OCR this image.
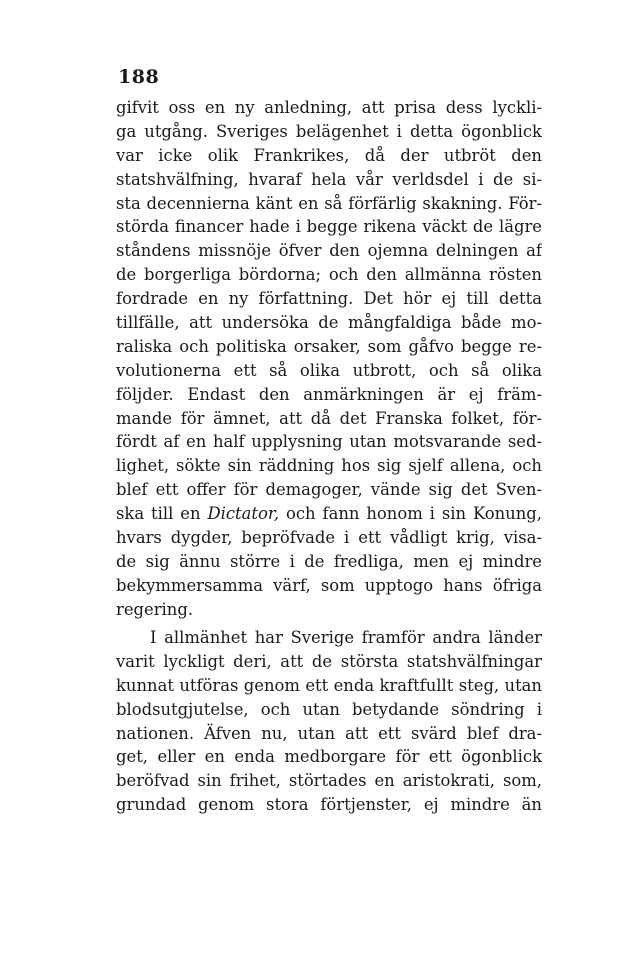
188
gifvit oss en ny anledning, att prisa dess lyckli-
ga utgång. Sveriges belägenhet i detta ögonblick
var icke olik Frankrikes, då der utbröt den
statshvälfning, hvaraf hela vår verldsdel i de si-
sta decennierna känt en så förfärlig skakning. För-
störda financer hade i begge rikena väckt de lägre
ståndens missnöje öfver den ojemna delningen af
de borgerliga bördorna; och den allmänna rösten
fordrade en ny författning. Det hör ej till detta
tillfälle, att undersöka de mångfaldiga både mo-
raliska och politiska orsaker, som gåfvo begge re-
volutionerna ett så olika utbrott, och så olika
följder. Endast den anmärkningen är ej främ-
mande för ämnet, att då det Franska folket, för-
fördt af en half upplysning utan motsvarande sed-
lighet, sökte sin räddning hos sig sjelf allena, och
blef ett offer för demagoger, vände sig det Sven-
ska till en Dictator, och fann honom i sin Konung,
hvars dygder, bepröfvade i ett vådligt krig, visa-
de sig ännu större i de fredliga, men ej mindre
bekymmersamma värf, som upptogo hans öfriga
regering.
I allmänhet har Sverige framför andra länder
varit lyckligt deri, att de största statshvälfningar
kunnat utföras genom ett enda kraftfullt steg, utan
blodsutgjutelse, och utan betydande söndring i
nationen. Äfven nu, utan att ett svärd blef dra-
get, eller en enda medborgare för ett ögonblick
beröfvad sin frihet, störtades en aristokrati, som,
grundad genom stora förtjenster, ej mindre än
